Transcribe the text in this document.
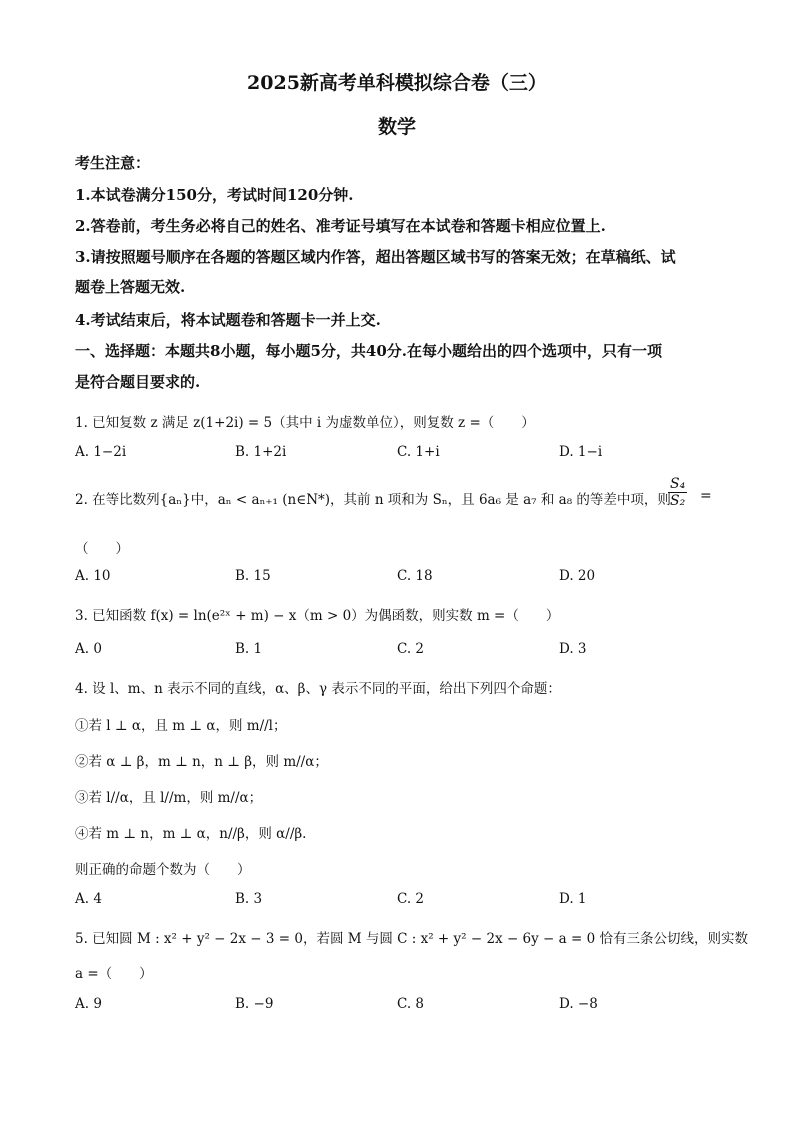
2025新高考单科模拟综合卷（三）
数学
考生注意：
1.本试卷满分150分，考试时间120分钟.
2.答卷前，考生务必将自己的姓名、准考证号填写在本试卷和答题卡相应位置上.
3.请按照题号顺序在各题的答题区域内作答，超出答题区域书写的答案无效；在草稿纸、试
题卷上答题无效.
4.考试结束后，将本试题卷和答题卡一并上交.
一、选择题：本题共8小题，每小题5分，共40分.在每小题给出的四个选项中，只有一项
是符合题目要求的.
1. 已知复数 z 满足 z(1+2i) = 5（其中 i 为虚数单位），则复数 z =（　　）
A. 1−2i	B. 1+2i	C. 1+i	D. 1−i
2. 在等比数列{aₙ}中，aₙ < aₙ₊₁ (n∈N*)，其前 n 项和为 Sₙ，且 6a₆ 是 a₇ 和 a₈ 的等差中项，则
$\frac{\text{S₄}}{\text{S₂}}$ =
（　　）
A. 10	B. 15	C. 18	D. 20
3. 已知函数 f(x) = ln(e²ˣ + m) − x（m > 0）为偶函数，则实数 m =（　　）
A. 0	B. 1	C. 2	D. 3
4. 设 l、m、n 表示不同的直线，α、β、γ 表示不同的平面，给出下列四个命题：
①若 l ⊥ α，且 m ⊥ α，则 m//l；
②若 α ⊥ β，m ⊥ n，n ⊥ β，则 m//α；
③若 l//α，且 l//m，则 m//α；
④若 m ⊥ n，m ⊥ α，n//β，则 α//β.
则正确的命题个数为（　　）
A. 4	B. 3	C. 2	D. 1
5. 已知圆 M : x² + y² − 2x − 3 = 0，若圆 M 与圆 C : x² + y² − 2x − 6y − a = 0 恰有三条公切线，则实数
a =（　　）
A. 9	B. −9	C. 8	D. −8
